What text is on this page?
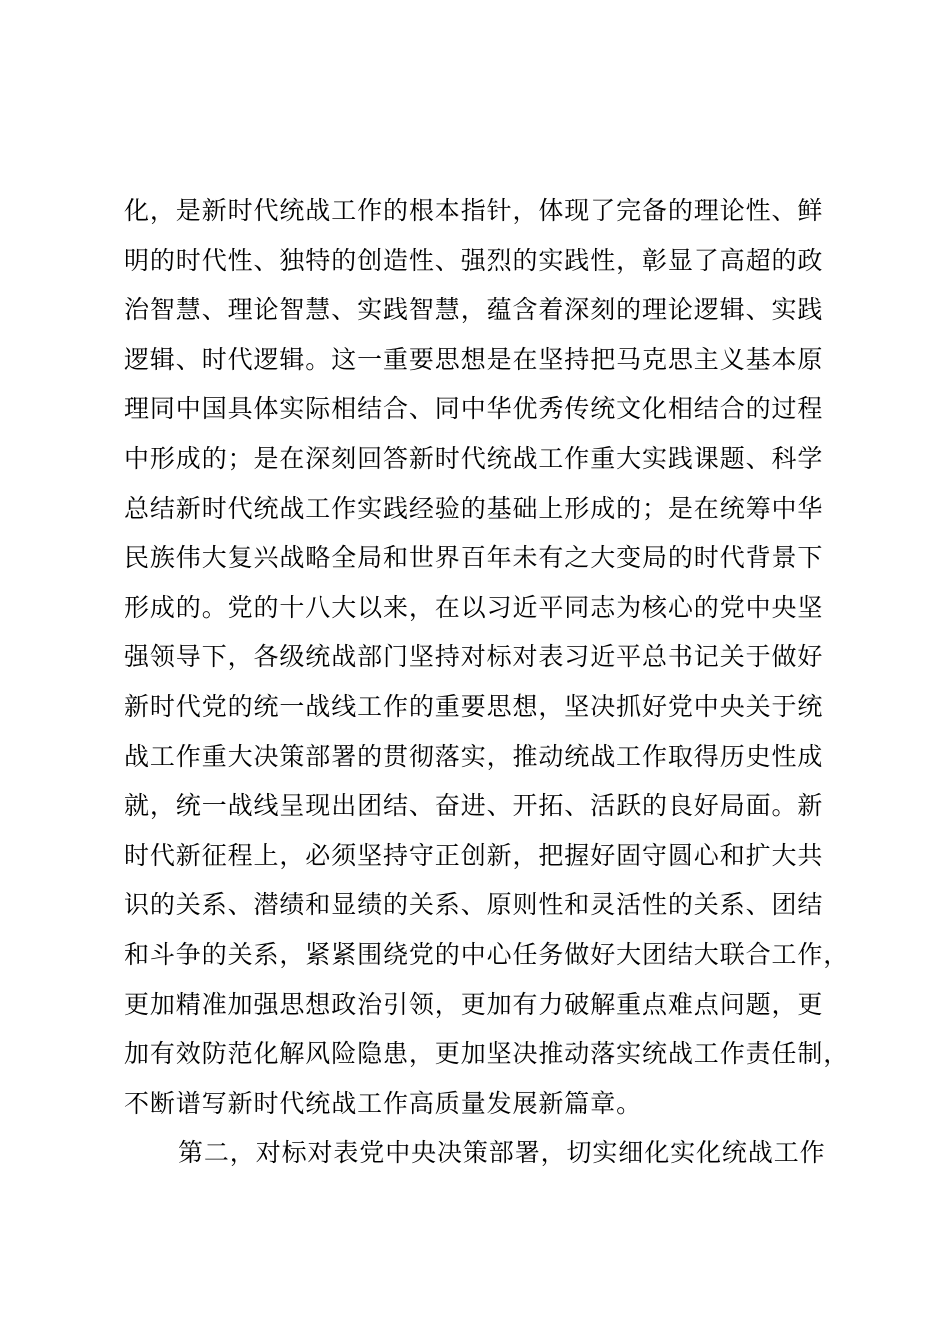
化，是新时代统战工作的根本指针，体现了完备的理论性、鲜
明的时代性、独特的创造性、强烈的实践性，彰显了高超的政
治智慧、理论智慧、实践智慧，蕴含着深刻的理论逻辑、实践
逻辑、时代逻辑。这一重要思想是在坚持把马克思主义基本原
理同中国具体实际相结合、同中华优秀传统文化相结合的过程
中形成的；是在深刻回答新时代统战工作重大实践课题、科学
总结新时代统战工作实践经验的基础上形成的；是在统筹中华
民族伟大复兴战略全局和世界百年未有之大变局的时代背景下
形成的。党的十八大以来，在以习近平同志为核心的党中央坚
强领导下，各级统战部门坚持对标对表习近平总书记关于做好
新时代党的统一战线工作的重要思想，坚决抓好党中央关于统
战工作重大决策部署的贯彻落实，推动统战工作取得历史性成
就，统一战线呈现出团结、奋进、开拓、活跃的良好局面。新
时代新征程上，必须坚持守正创新，把握好固守圆心和扩大共
识的关系、潜绩和显绩的关系、原则性和灵活性的关系、团结
和斗争的关系，紧紧围绕党的中心任务做好大团结大联合工作，
更加精准加强思想政治引领，更加有力破解重点难点问题，更
加有效防范化解风险隐患，更加坚决推动落实统战工作责任制，
不断谱写新时代统战工作高质量发展新篇章。
第二，对标对表党中央决策部署，切实细化实化统战工作
